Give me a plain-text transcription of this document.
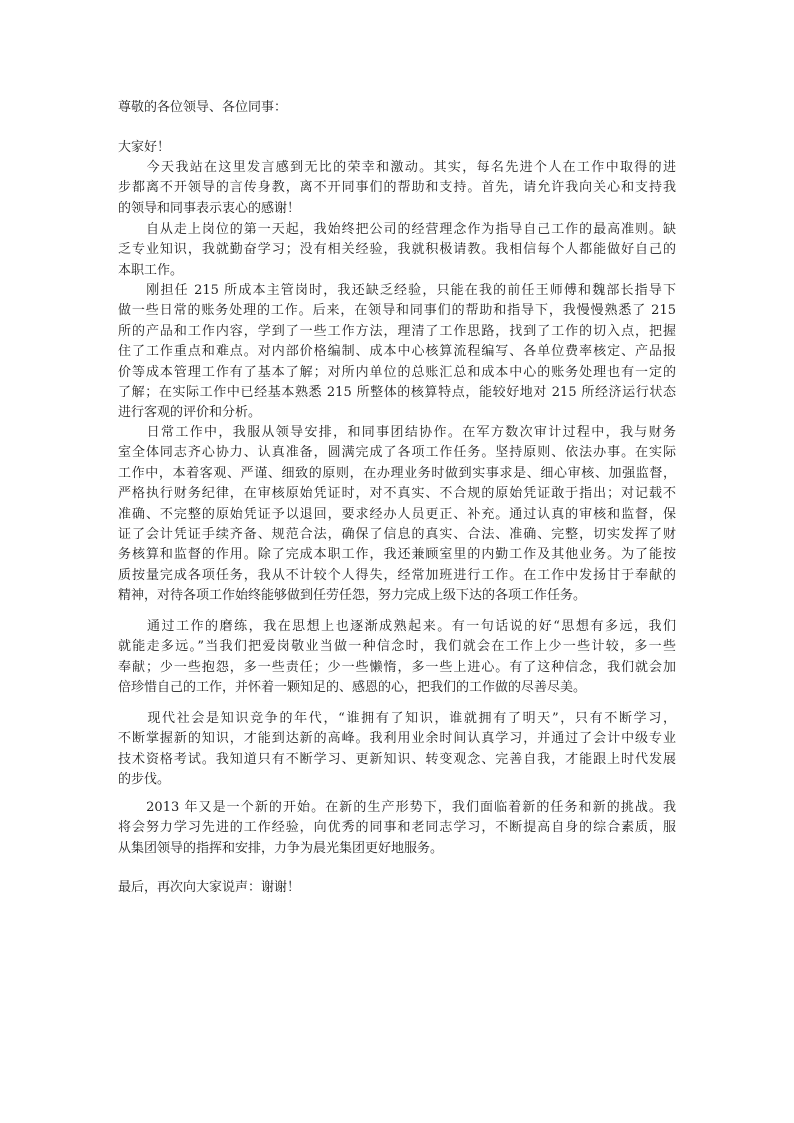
尊敬的各位领导、各位同事：
大家好！
　　今天我站在这里发言感到无比的荣幸和激动。其实，每名先进个人在工作中取得的进
步都离不开领导的言传身教，离不开同事们的帮助和支持。首先，请允许我向关心和支持我
的领导和同事表示衷心的感谢！
　　自从走上岗位的第一天起，我始终把公司的经营理念作为指导自己工作的最高准则。缺
乏专业知识，我就勤奋学习；没有相关经验，我就积极请教。我相信每个人都能做好自己的
本职工作。
　　刚担任 215 所成本主管岗时，我还缺乏经验，只能在我的前任王师傅和魏部长指导下
做一些日常的账务处理的工作。后来，在领导和同事们的帮助和指导下，我慢慢熟悉了 215
所的产品和工作内容，学到了一些工作方法，理清了工作思路，找到了工作的切入点，把握
住了工作重点和难点。对内部价格编制、成本中心核算流程编写、各单位费率核定、产品报
价等成本管理工作有了基本了解；对所内单位的总账汇总和成本中心的账务处理也有一定的
了解；在实际工作中已经基本熟悉 215 所整体的核算特点，能较好地对 215 所经济运行状态
进行客观的评价和分析。
　　日常工作中，我服从领导安排，和同事团结协作。在军方数次审计过程中，我与财务
室全体同志齐心协力、认真准备，圆满完成了各项工作任务。坚持原则、依法办事。在实际
工作中，本着客观、严谨、细致的原则，在办理业务时做到实事求是、细心审核、加强监督，
严格执行财务纪律，在审核原始凭证时，对不真实、不合规的原始凭证敢于指出；对记载不
准确、不完整的原始凭证予以退回，要求经办人员更正、补充。通过认真的审核和监督，保
证了会计凭证手续齐备、规范合法，确保了信息的真实、合法、准确、完整，切实发挥了财
务核算和监督的作用。除了完成本职工作，我还兼顾室里的内勤工作及其他业务。为了能按
质按量完成各项任务，我从不计较个人得失，经常加班进行工作。在工作中发扬甘于奉献的
精神，对待各项工作始终能够做到任劳任怨，努力完成上级下达的各项工作任务。
　　通过工作的磨练，我在思想上也逐渐成熟起来。有一句话说的好“思想有多远，我们
就能走多远。”当我们把爱岗敬业当做一种信念时，我们就会在工作上少一些计较，多一些
奉献；少一些抱怨，多一些责任；少一些懒惰，多一些上进心。有了这种信念，我们就会加
倍珍惜自己的工作，并怀着一颗知足的、感恩的心，把我们的工作做的尽善尽美。
　　现代社会是知识竞争的年代，“谁拥有了知识，谁就拥有了明天”，只有不断学习，
不断掌握新的知识，才能到达新的高峰。我利用业余时间认真学习，并通过了会计中级专业
技术资格考试。我知道只有不断学习、更新知识、转变观念、完善自我，才能跟上时代发展
的步伐。
　　2013 年又是一个新的开始。在新的生产形势下，我们面临着新的任务和新的挑战。我
将会努力学习先进的工作经验，向优秀的同事和老同志学习，不断提高自身的综合素质，服
从集团领导的指挥和安排，力争为晨光集团更好地服务。
最后，再次向大家说声：谢谢！
